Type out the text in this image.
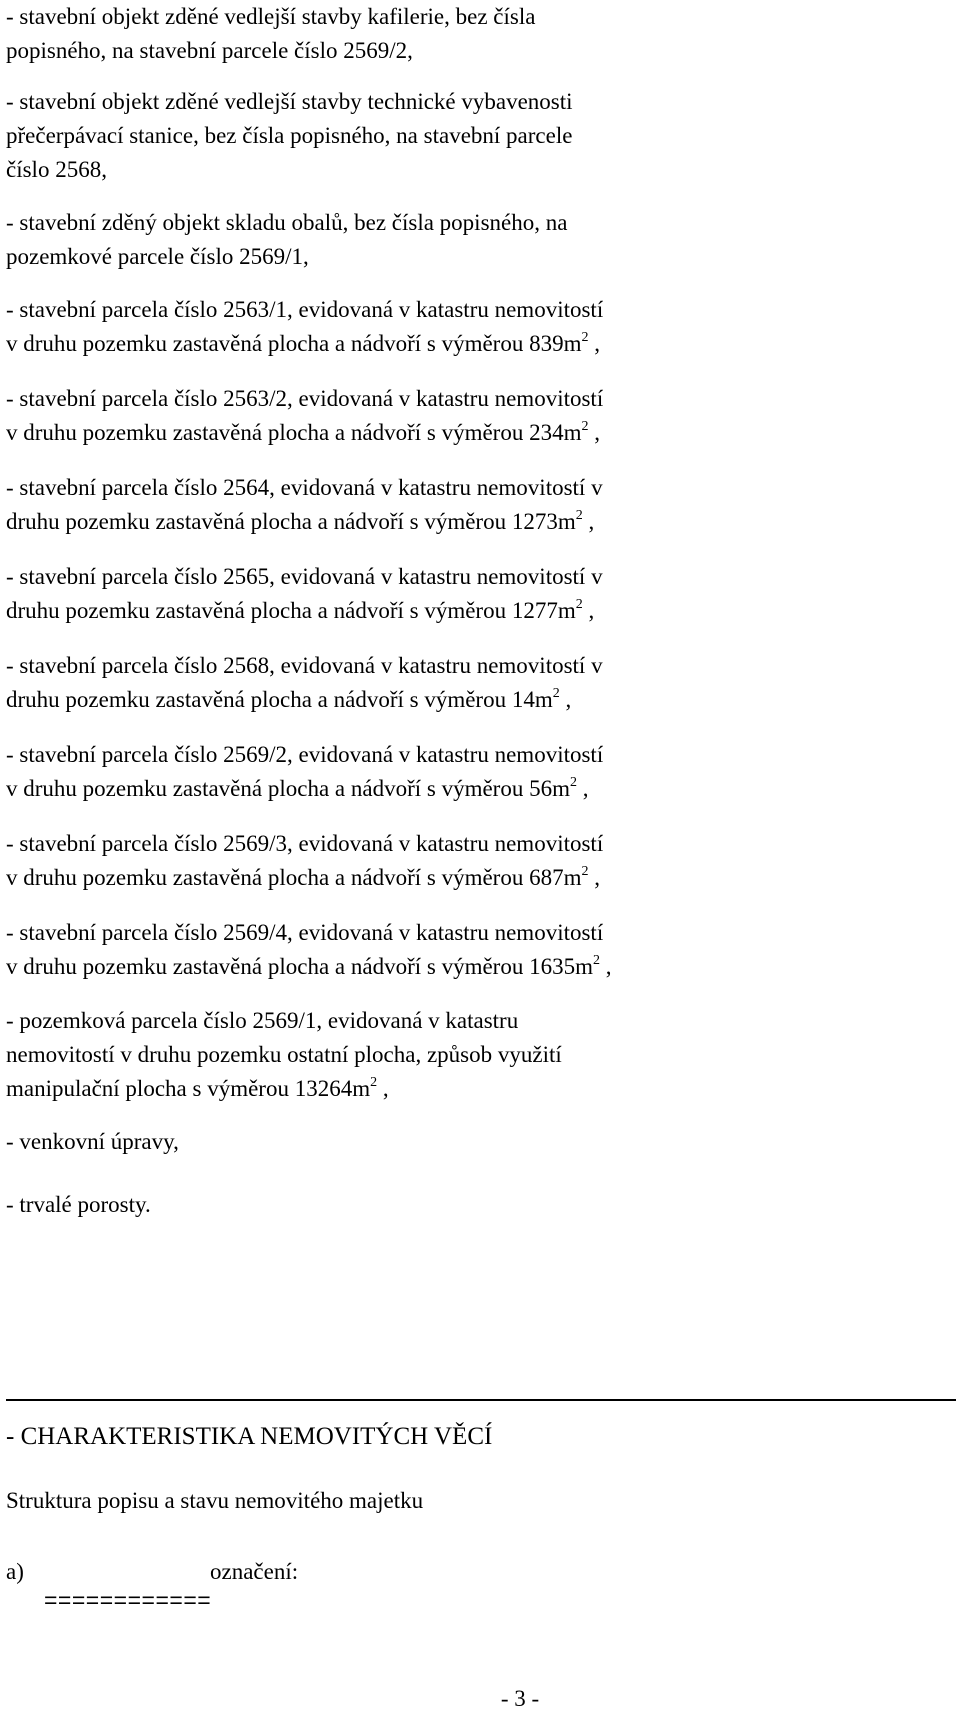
- stavební objekt zděné vedlejší stavby kafilerie, bez čísla
popisného, na stavební parcele číslo 2569/2,

- stavební objekt zděné vedlejší stavby technické vybavenosti
přečerpávací stanice, bez čísla popisného, na stavební parcele
číslo 2568,

- stavební zděný objekt skladu obalů, bez čísla popisného, na
pozemkové parcele číslo 2569/1,

- stavební parcela číslo 2563/1, evidovaná v katastru nemovitostí
v druhu pozemku zastavěná plocha a nádvoří s výměrou $839m^2$ ,

- stavební parcela číslo 2563/2, evidovaná v katastru nemovitostí
v druhu pozemku zastavěná plocha a nádvoří s výměrou $234m^2$ ,

- stavební parcela číslo 2564, evidovaná v katastru nemovitostí v
druhu pozemku zastavěná plocha a nádvoří s výměrou $1273m^2$ ,

- stavební parcela číslo 2565, evidovaná v katastru nemovitostí v
druhu pozemku zastavěná plocha a nádvoří s výměrou $1277m^2$ ,

- stavební parcela číslo 2568, evidovaná v katastru nemovitostí v
druhu pozemku zastavěná plocha a nádvoří s výměrou $14m^2$ ,

- stavební parcela číslo 2569/2, evidovaná v katastru nemovitostí
v druhu pozemku zastavěná plocha a nádvoří s výměrou $56m^2$ ,

- stavební parcela číslo 2569/3, evidovaná v katastru nemovitostí
v druhu pozemku zastavěná plocha a nádvoří s výměrou $687m^2$ ,

- stavební parcela číslo 2569/4, evidovaná v katastru nemovitostí
v druhu pozemku zastavěná plocha a nádvoří s výměrou $1635m^2$ ,

- pozemková parcela číslo 2569/1, evidovaná v katastru
nemovitostí v druhu pozemku ostatní plocha, způsob využití
manipulační plocha s výměrou $13264m^2$ ,

- venkovní úpravy,

- trvalé porosty.

- CHARAKTERISTIKA NEMOVITÝCH VĚCÍ
Struktura popisu a stavu nemovitého majetku
a)	označení:
============
- 3 -
